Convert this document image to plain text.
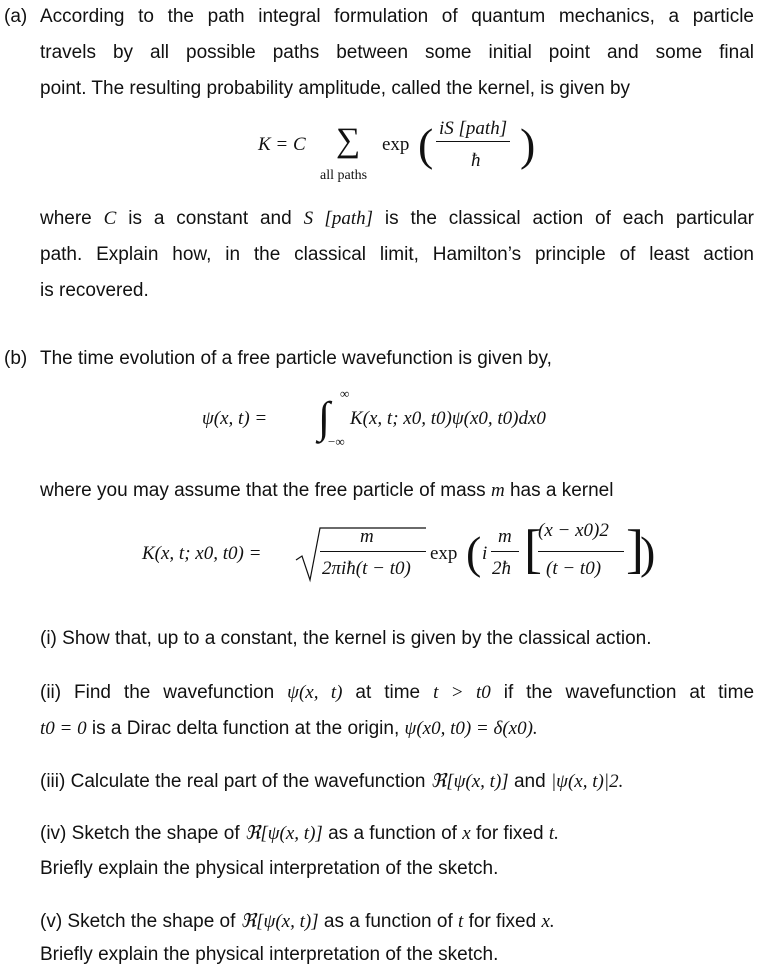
(a) According to the path integral formulation of quantum mechanics, a particle
travels by all possible paths between some initial point and some final
point. The resulting probability amplitude, called the kernel, is given by
K = C ∑
all paths
exp ( iS [path]
ħ )
where C is a constant and S [path] is the classical action of each particular
path. Explain how, in the classical limit, Hamilton’s principle of least action
is recovered.
(b) The time evolution of a free particle wavefunction is given by,
ψ(x, t) = ∫ ∞
−∞
K(x, t; x0, t0)ψ(x0, t0)dx0
where you may assume that the free particle of mass m has a kernel
K(x, t; x0, t0) =
m
2πiħ(t − t0)
exp ( i
m
2ħ [
(x − x0)2
(t − t0) ]
)
(i) Show that, up to a constant, the kernel is given by the classical action.
(ii) Find the wavefunction ψ(x, t) at time t > t0 if the wavefunction at time
t0 = 0 is a Dirac delta function at the origin, ψ(x0, t0) = δ(x0).
(iii) Calculate the real part of the wavefunction ℜ[ψ(x, t)] and |ψ(x, t)|2.
(iv) Sketch the shape of ℜ[ψ(x, t)] as a function of x for fixed t.
Briefly explain the physical interpretation of the sketch.
(v) Sketch the shape of ℜ[ψ(x, t)] as a function of t for fixed x.
Briefly explain the physical interpretation of the sketch.
